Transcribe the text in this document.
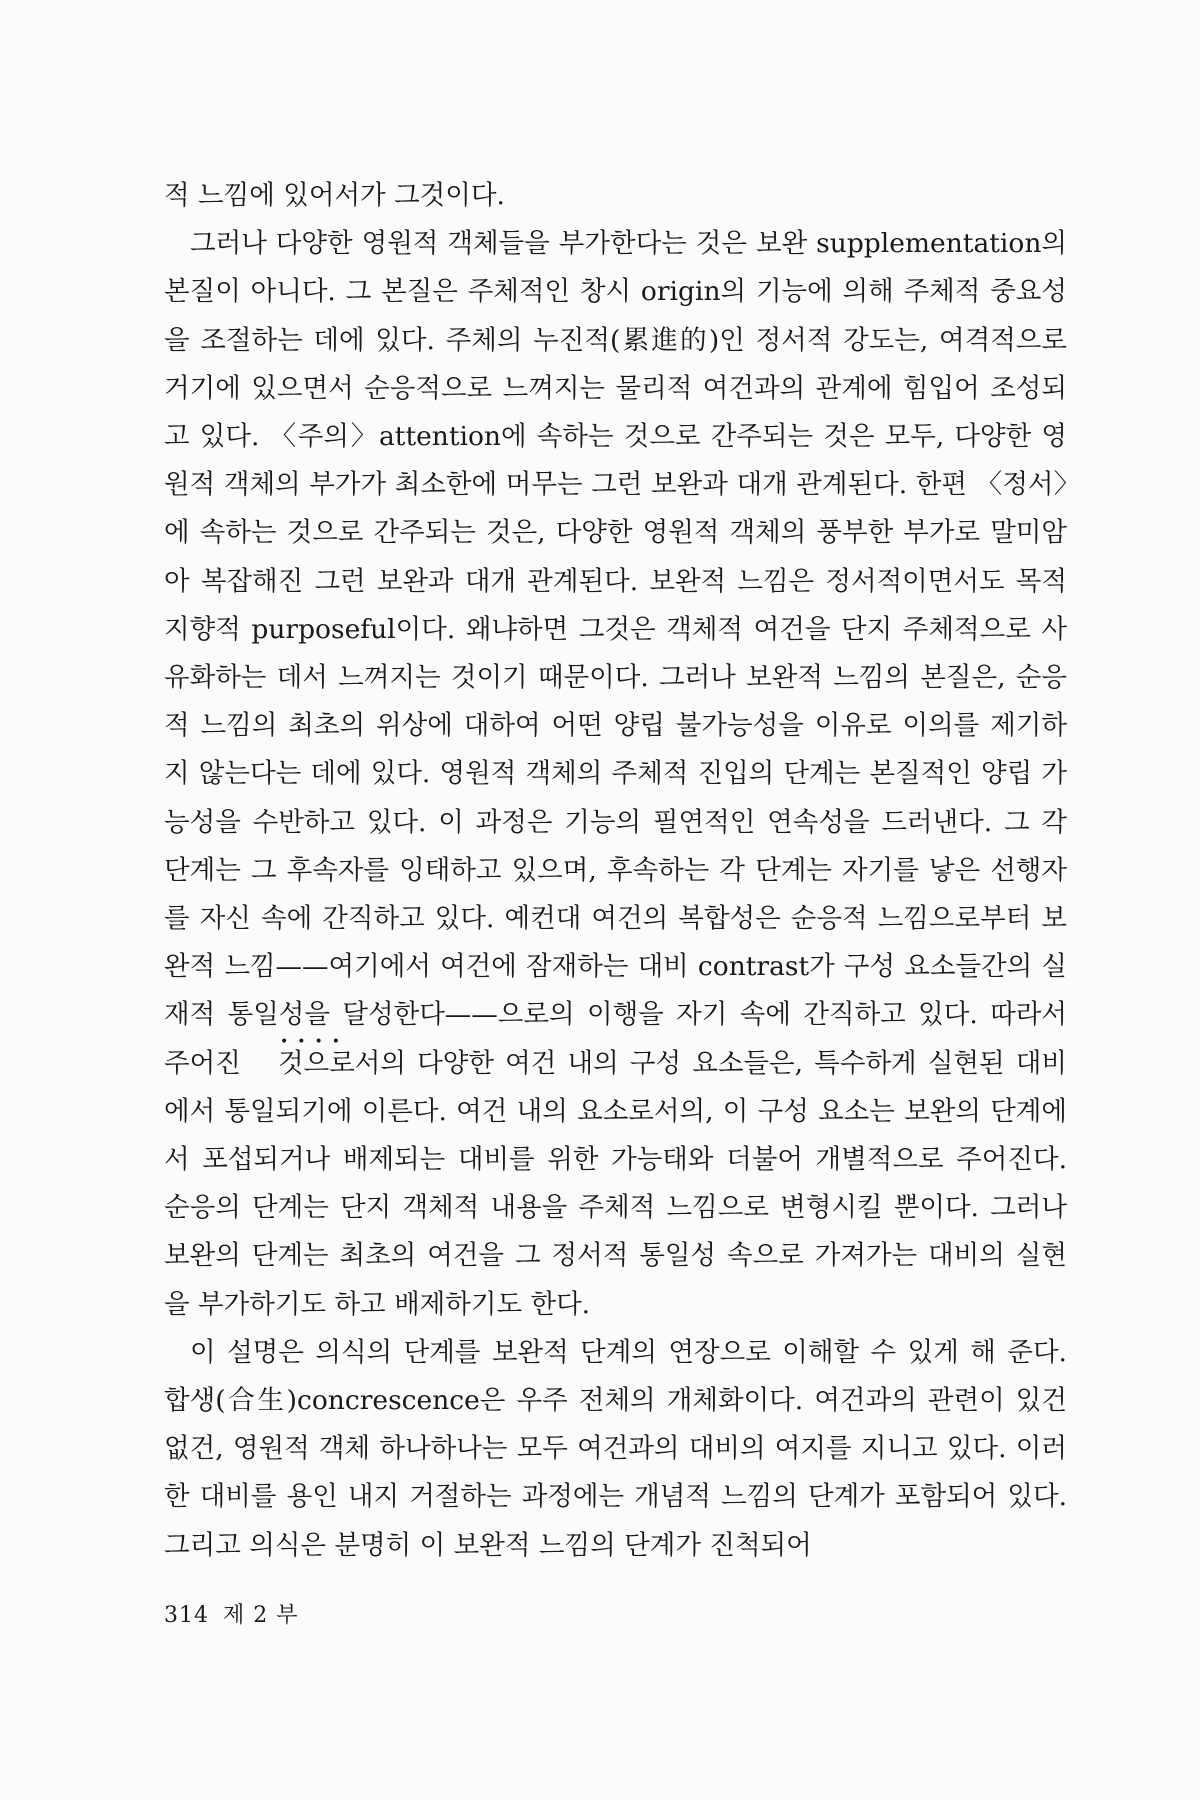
적 느낌에 있어서가 그것이다.

그러나 다양한 영원적 객체들을 부가한다는 것은 보완 supplementation의 본질이 아니다. 그 본질은 주체적인 창시 origin의 기능에 의해 주체적 중요성을 조절하는 데에 있다. 주체의 누진적(累進的)인 정서적 강도는, 여격적으로 거기에 있으면서 순응적으로 느껴지는 물리적 여건과의 관계에 힘입어 조성되고 있다. 〈주의〉attention에 속하는 것으로 간주되는 것은 모두, 다양한 영원적 객체의 부가가 최소한에 머무는 그런 보완과 대개 관계된다. 한편 〈정서〉에 속하는 것으로 간주되는 것은, 다양한 영원적 객체의 풍부한 부가로 말미암아 복잡해진 그런 보완과 대개 관계된다. 보완적 느낌은 정서적이면서도 목적 지향적 purposeful이다. 왜냐하면 그것은 객체적 여건을 단지 주체적으로 사유화하는 데서 느껴지는 것이기 때문이다. 그러나 보완적 느낌의 본질은, 순응적 느낌의 최초의 위상에 대하여 어떤 양립 불가능성을 이유로 이의를 제기하지 않는다는 데에 있다. 영원적 객체의 주체적 진입의 단계는 본질적인 양립 가능성을 수반하고 있다. 이 과정은 기능의 필연적인 연속성을 드러낸다. 그 각 단계는 그 후속자를 잉태하고 있으며, 후속하는 각 단계는 자기를 낳은 선행자를 자신 속에 간직하고 있다. 예컨대 여건의 복합성은 순응적 느낌으로부터 보완적 느낌——여기에서 여건에 잠재하는 대비 contrast가 구성 요소들간의 실재적 통일성을 달성한다——으로의 이행을 자기 속에 간직하고 있다. 따라서 주어진 •••• 것으로서의 다양한 여건 내의 구성 요소들은, 특수하게 실현된 대비에서 통일되기에 이른다. 여건 내의 요소로서의, 이 구성 요소는 보완의 단계에서 포섭되거나 배제되는 대비를 위한 가능태와 더불어 개별적으로 주어진다. 순응의 단계는 단지 객체적 내용을 주체적 느낌으로 변형시킬 뿐이다. 그러나 보완의 단계는 최초의 여건을 그 정서적 통일성 속으로 가져가는 대비의 실현을 부가하기도 하고 배제하기도 한다.

이 설명은 의식의 단계를 보완적 단계의 연장으로 이해할 수 있게 해 준다. 합생(合生)concrescence은 우주 전체의 개체화이다. 여건과의 관련이 있건 없건, 영원적 객체 하나하나는 모두 여건과의 대비의 여지를 지니고 있다. 이러한 대비를 용인 내지 거절하는 과정에는 개념적 느낌의 단계가 포함되어 있다. 그리고 의식은 분명히 이 보완적 느낌의 단계가 진척되어

314 제 2 부
